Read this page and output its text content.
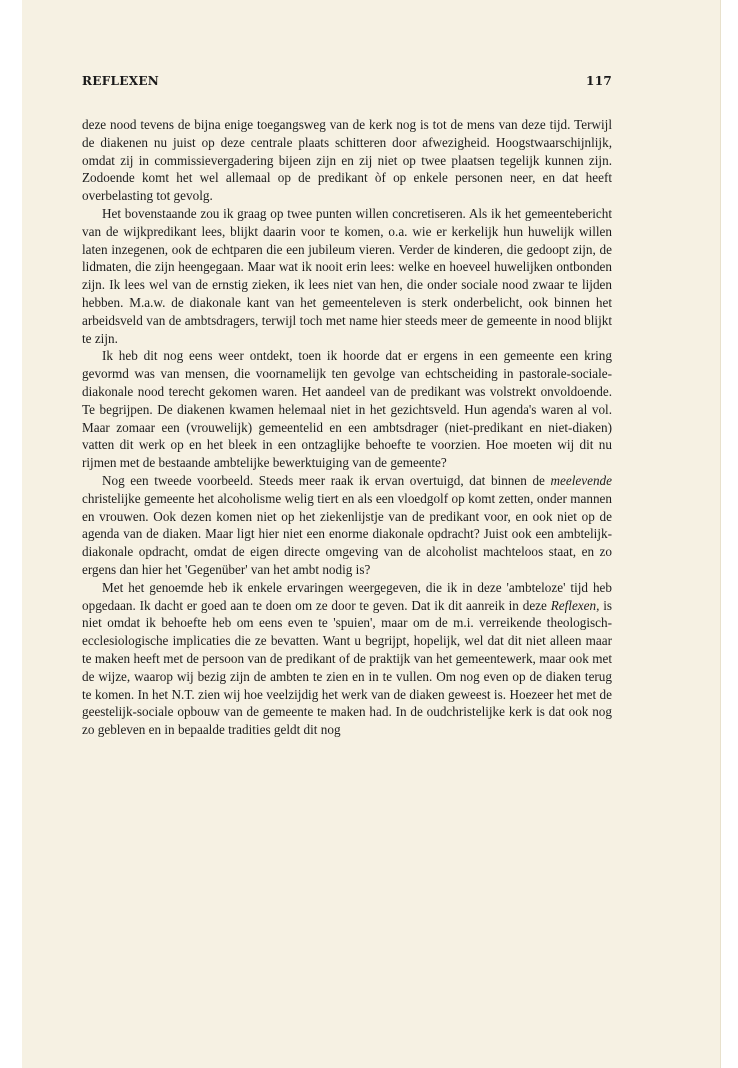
REFLEXEN	117

deze nood tevens de bijna enige toegangsweg van de kerk nog is tot de mens van deze tijd. Terwijl de diakenen nu juist op deze centrale plaats schitteren door afwezigheid. Hoogstwaarschijnlijk, omdat zij in commissievergadering bijeen zijn en zij niet op twee plaatsen tegelijk kunnen zijn. Zodoende komt het wel allemaal op de predikant òf op enkele personen neer, en dat heeft overbelasting tot gevolg.

Het bovenstaande zou ik graag op twee punten willen concretiseren. Als ik het gemeentebericht van de wijkpredikant lees, blijkt daarin voor te komen, o.a. wie er kerkelijk hun huwelijk willen laten inzegenen, ook de echtparen die een jubileum vieren. Verder de kinderen, die gedoopt zijn, de lidmaten, die zijn heengegaan. Maar wat ik nooit erin lees: welke en hoeveel huwelijken ontbonden zijn. Ik lees wel van de ernstig zieken, ik lees niet van hen, die onder sociale nood zwaar te lijden hebben. M.a.w. de diakonale kant van het gemeenteleven is sterk onderbelicht, ook binnen het arbeidsveld van de ambtsdragers, terwijl toch met name hier steeds meer de gemeente in nood blijkt te zijn.

Ik heb dit nog eens weer ontdekt, toen ik hoorde dat er ergens in een gemeente een kring gevormd was van mensen, die voornamelijk ten gevolge van echtscheiding in pastorale-sociale-diakonale nood terecht gekomen waren. Het aandeel van de predikant was volstrekt onvoldoende. Te begrijpen. De diakenen kwamen helemaal niet in het gezichtsveld. Hun agenda's waren al vol. Maar zomaar een (vrouwelijk) gemeentelid en een ambtsdrager (niet-predikant en niet-diaken) vatten dit werk op en het bleek in een ontzaglijke behoefte te voorzien. Hoe moeten wij dit nu rijmen met de bestaande ambtelijke bewerktuiging van de gemeente?

Nog een tweede voorbeeld. Steeds meer raak ik ervan overtuigd, dat binnen de meelevende christelijke gemeente het alcoholisme welig tiert en als een vloedgolf op komt zetten, onder mannen en vrouwen. Ook dezen komen niet op het ziekenlijstje van de predikant voor, en ook niet op de agenda van de diaken. Maar ligt hier niet een enorme diakonale opdracht? Juist ook een ambtelijk-diakonale opdracht, omdat de eigen directe omgeving van de alcoholist machteloos staat, en zo ergens dan hier het 'Gegenüber' van het ambt nodig is?

Met het genoemde heb ik enkele ervaringen weergegeven, die ik in deze 'ambteloze' tijd heb opgedaan. Ik dacht er goed aan te doen om ze door te geven. Dat ik dit aanreik in deze Reflexen, is niet omdat ik behoefte heb om eens even te 'spuien', maar om de m.i. verreikende theologisch-ecclesiologische implicaties die ze bevatten. Want u begrijpt, hopelijk, wel dat dit niet alleen maar te maken heeft met de persoon van de predikant of de praktijk van het gemeentewerk, maar ook met de wijze, waarop wij bezig zijn de ambten te zien en in te vullen. Om nog even op de diaken terug te komen. In het N.T. zien wij hoe veelzijdig het werk van de diaken geweest is. Hoezeer het met de geestelijk-sociale opbouw van de gemeente te maken had. In de oudchristelijke kerk is dat ook nog zo gebleven en in bepaalde tradities geldt dit nog
